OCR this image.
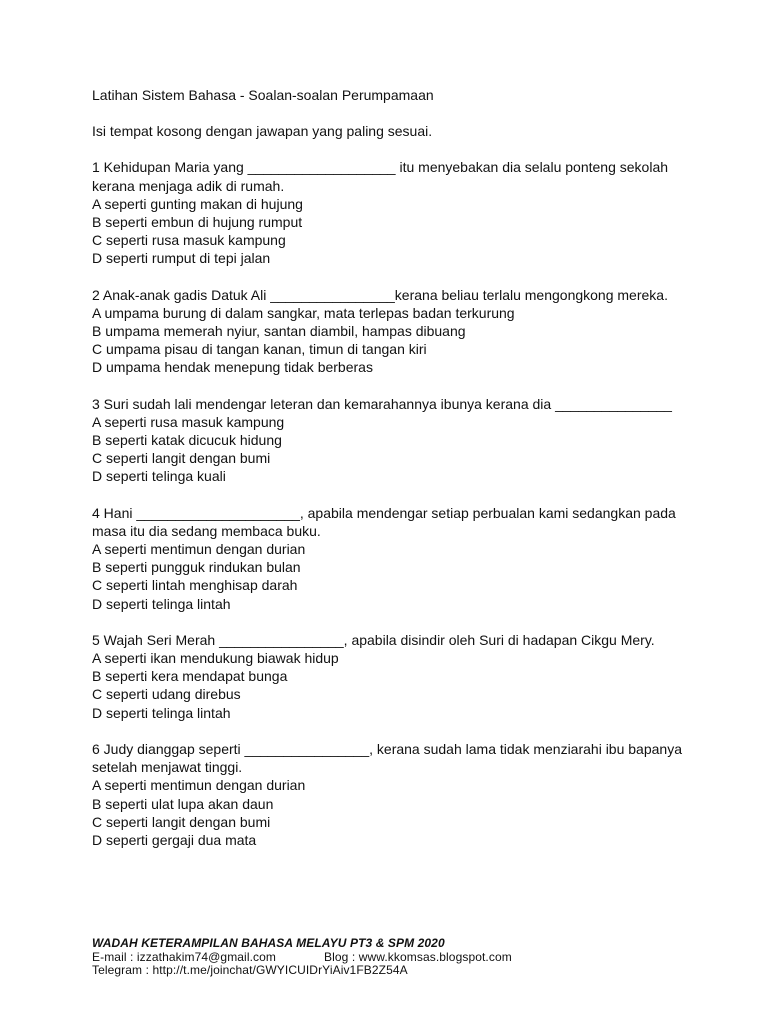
Latihan Sistem Bahasa - Soalan-soalan Perumpamaan
Isi tempat kosong dengan jawapan yang paling sesuai.
1 Kehidupan Maria yang ___________________ itu menyebakan dia selalu ponteng sekolah kerana menjaga adik di rumah.
A seperti gunting makan di hujung
B seperti embun di hujung rumput
C seperti rusa masuk kampung
D seperti rumput di tepi jalan
2 Anak-anak gadis Datuk Ali ________________kerana beliau terlalu mengongkong mereka.
A umpama burung di dalam sangkar, mata terlepas badan terkurung
B umpama memerah nyiur, santan diambil, hampas dibuang
C umpama pisau di tangan kanan, timun di tangan kiri
D umpama hendak menepung tidak berberas
3 Suri sudah lali mendengar leteran dan kemarahannya ibunya kerana dia _______________
A seperti rusa masuk kampung
B seperti katak dicucuk hidung
C seperti langit dengan bumi
D seperti telinga kuali
4 Hani _____________________, apabila mendengar setiap perbualan kami sedangkan pada masa itu dia sedang membaca buku.
A seperti mentimun dengan durian
B seperti pungguk rindukan bulan
C seperti lintah menghisap darah
D seperti telinga lintah
5 Wajah Seri Merah ________________, apabila disindir oleh Suri di hadapan Cikgu Mery.
A seperti ikan mendukung biawak hidup
B seperti kera mendapat bunga
C seperti udang direbus
D seperti telinga lintah
6 Judy dianggap seperti ________________, kerana sudah lama tidak menziarahi ibu bapanya setelah menjawat tinggi.
A seperti mentimun dengan durian
B seperti ulat lupa akan daun
C seperti langit dengan bumi
D seperti gergaji dua mata
WADAH KETERAMPILAN BAHASA MELAYU PT3 & SPM 2020
E-mail : izzathakim74@gmail.com	Blog : www.kkomsas.blogspot.com
Telegram : http://t.me/joinchat/GWYICUIDrYiAiv1FB2Z54A
